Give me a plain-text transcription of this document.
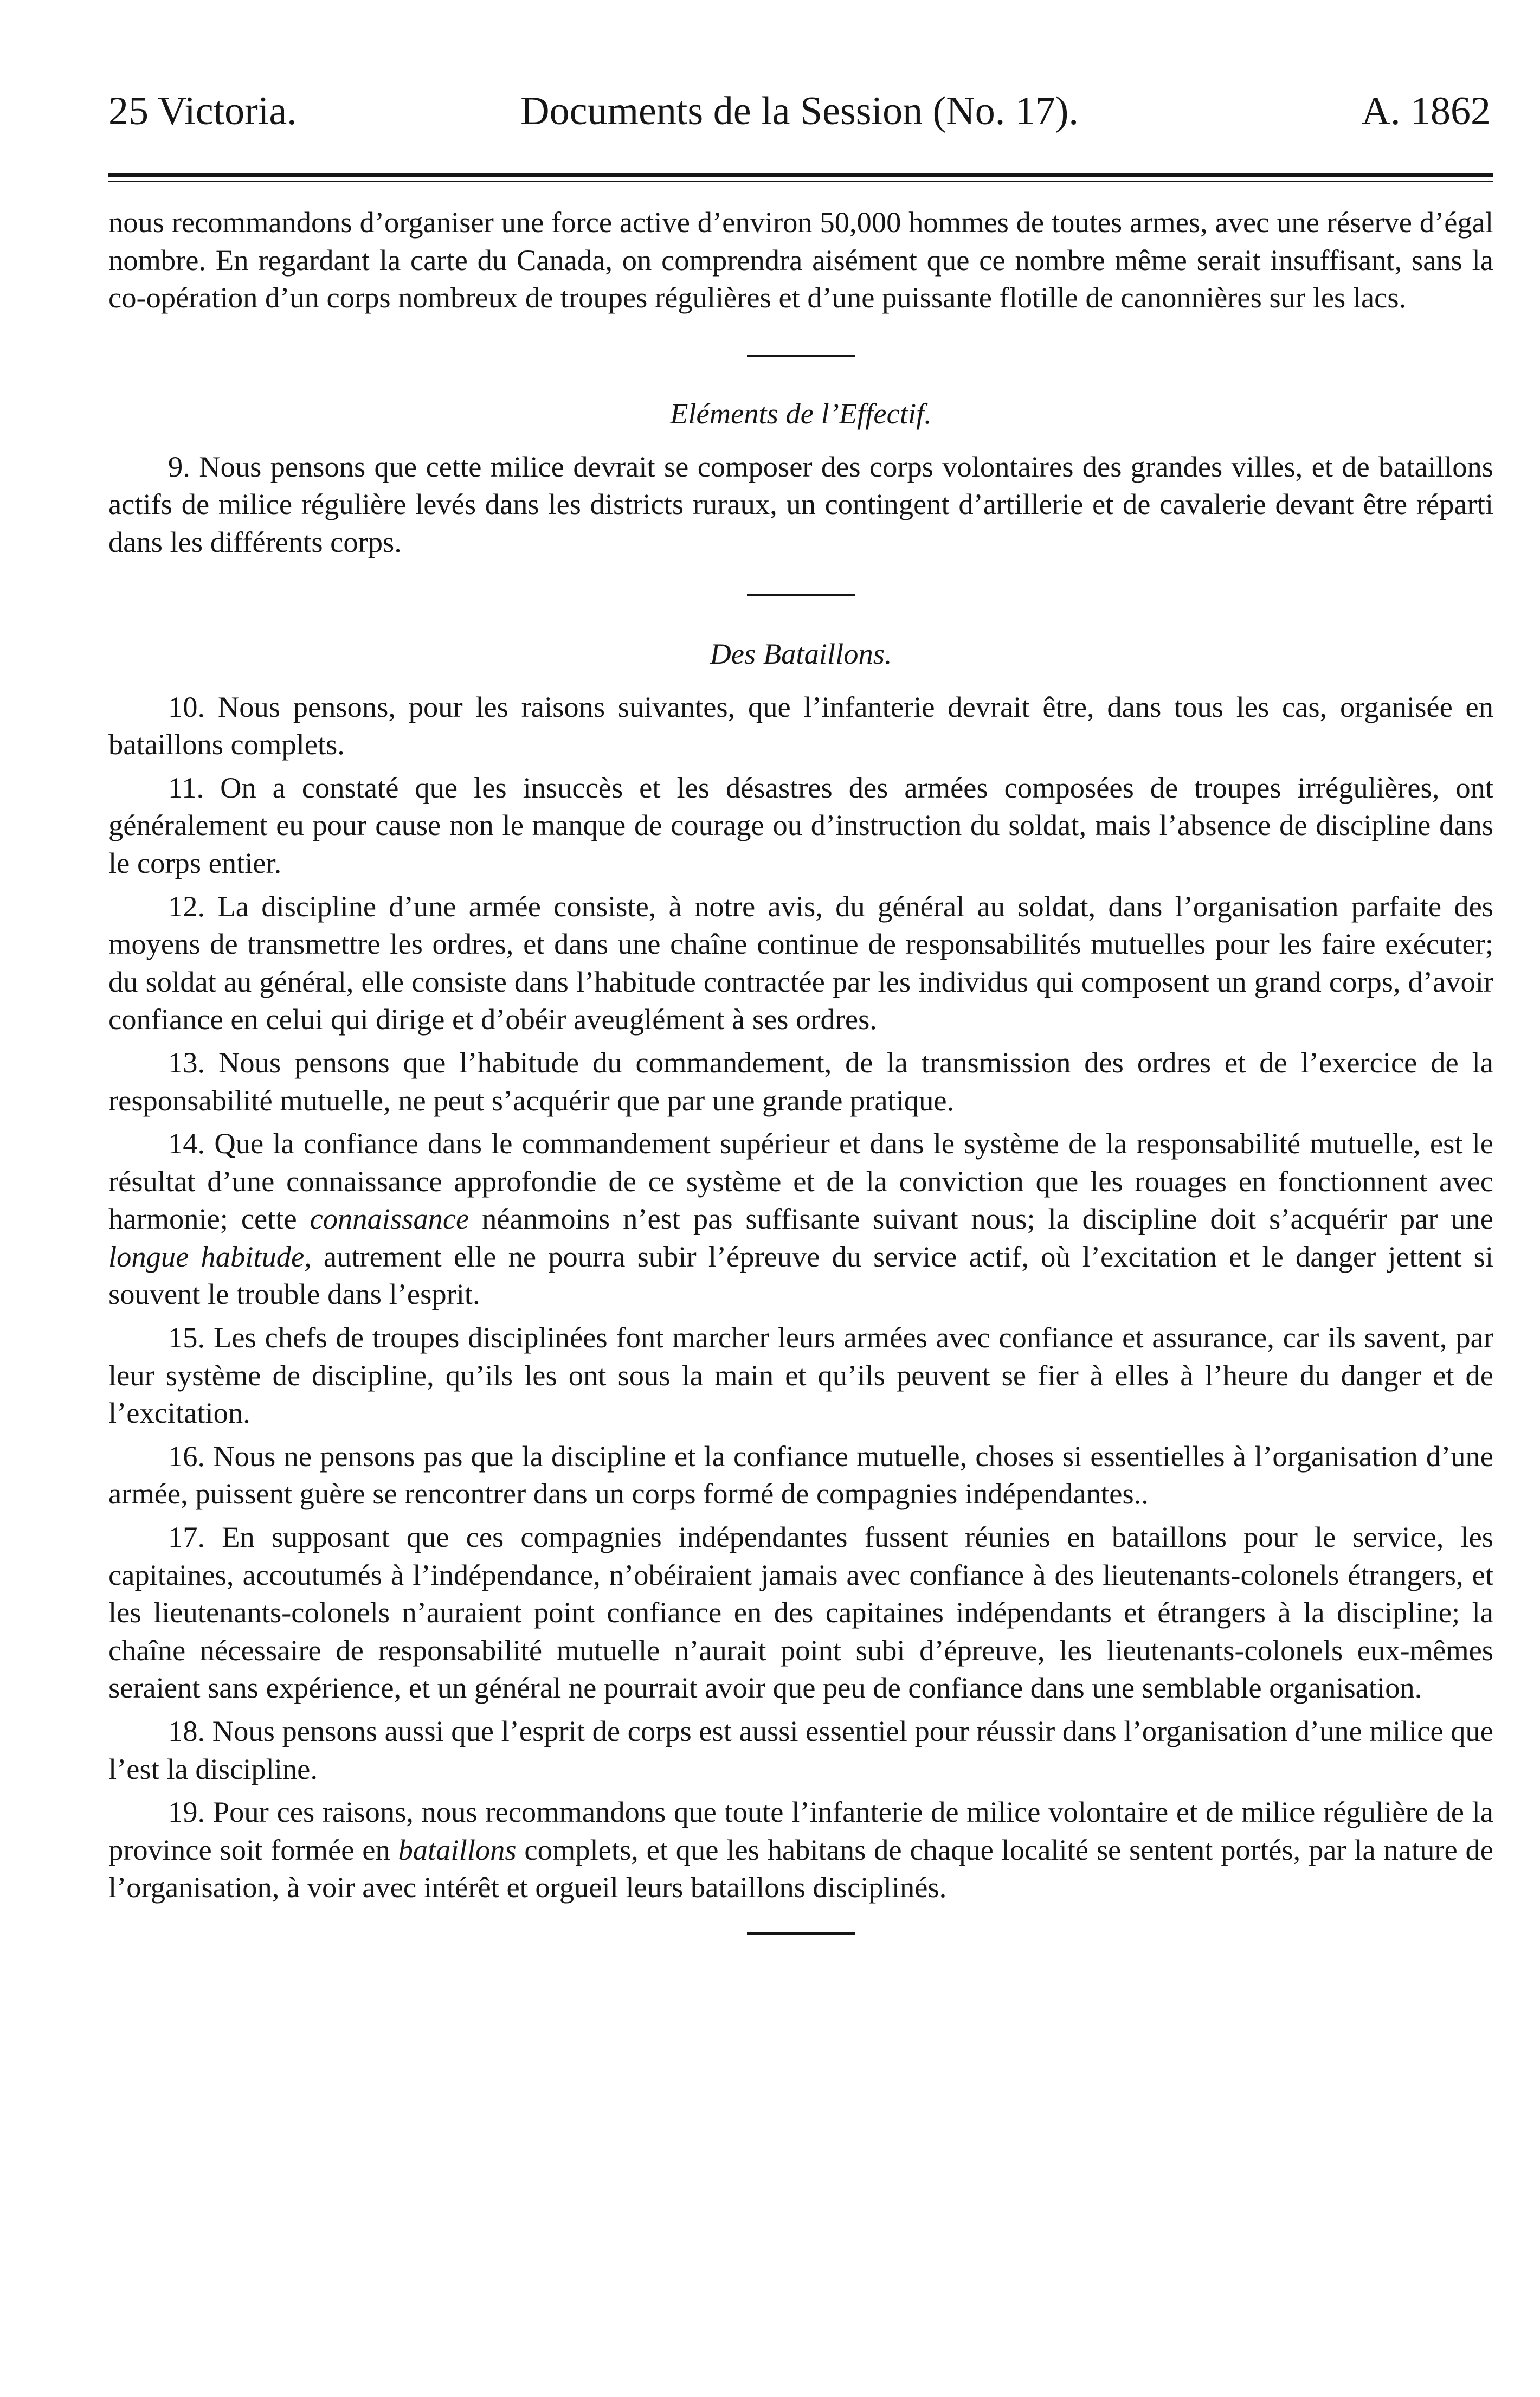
25 Victoria.	Documents de la Session (No. 17).	A. 1862

nous recommandons d’organiser une force active d’environ 50,000 hommes de toutes armes, avec une réserve d’égal nombre. En regardant la carte du Canada, on comprendra aisément que ce nombre même serait insuffisant, sans la co-opération d’un corps nombreux de troupes régulières et d’une puissante flotille de canonnières sur les lacs.

Eléments de l’Effectif.

9. Nous pensons que cette milice devrait se composer des corps volontaires des grandes villes, et de bataillons actifs de milice régulière levés dans les districts ruraux, un contingent d’artillerie et de cavalerie devant être réparti dans les différents corps.

Des Bataillons.

10. Nous pensons, pour les raisons suivantes, que l’infanterie devrait être, dans tous les cas, organisée en bataillons complets.

11. On a constaté que les insuccès et les désastres des armées composées de troupes irrégulières, ont généralement eu pour cause non le manque de courage ou d’instruction du soldat, mais l’absence de discipline dans le corps entier.

12. La discipline d’une armée consiste, à notre avis, du général au soldat, dans l’organisation parfaite des moyens de transmettre les ordres, et dans une chaîne continue de responsabilités mutuelles pour les faire exécuter; du soldat au général, elle consiste dans l’habitude contractée par les individus qui composent un grand corps, d’avoir confiance en celui qui dirige et d’obéir aveuglément à ses ordres.

13. Nous pensons que l’habitude du commandement, de la transmission des ordres et de l’exercice de la responsabilité mutuelle, ne peut s’acquérir que par une grande pratique.

14. Que la confiance dans le commandement supérieur et dans le système de la responsabilité mutuelle, est le résultat d’une connaissance approfondie de ce système et de la conviction que les rouages en fonctionnent avec harmonie; cette connaissance néanmoins n’est pas suffisante suivant nous; la discipline doit s’acquérir par une longue habitude, autrement elle ne pourra subir l’épreuve du service actif, où l’excitation et le danger jettent si souvent le trouble dans l’esprit.

15. Les chefs de troupes disciplinées font marcher leurs armées avec confiance et assurance, car ils savent, par leur système de discipline, qu’ils les ont sous la main et qu’ils peuvent se fier à elles à l’heure du danger et de l’excitation.

16. Nous ne pensons pas que la discipline et la confiance mutuelle, choses si essentielles à l’organisation d’une armée, puissent guère se rencontrer dans un corps formé de compagnies indépendantes..

17. En supposant que ces compagnies indépendantes fussent réunies en bataillons pour le service, les capitaines, accoutumés à l’indépendance, n’obéiraient jamais avec confiance à des lieutenants-colonels étrangers, et les lieutenants-colonels n’auraient point confiance en des capitaines indépendants et étrangers à la discipline; la chaîne nécessaire de responsabilité mutuelle n’aurait point subi d’épreuve, les lieutenants-colonels eux-mêmes seraient sans expérience, et un général ne pourrait avoir que peu de confiance dans une semblable organisation.

18. Nous pensons aussi que l’esprit de corps est aussi essentiel pour réussir dans l’organisation d’une milice que l’est la discipline.

19. Pour ces raisons, nous recommandons que toute l’infanterie de milice volontaire et de milice régulière de la province soit formée en bataillons complets, et que les habitans de chaque localité se sentent portés, par la nature de l’organisation, à voir avec intérêt et orgueil leurs bataillons disciplinés.
